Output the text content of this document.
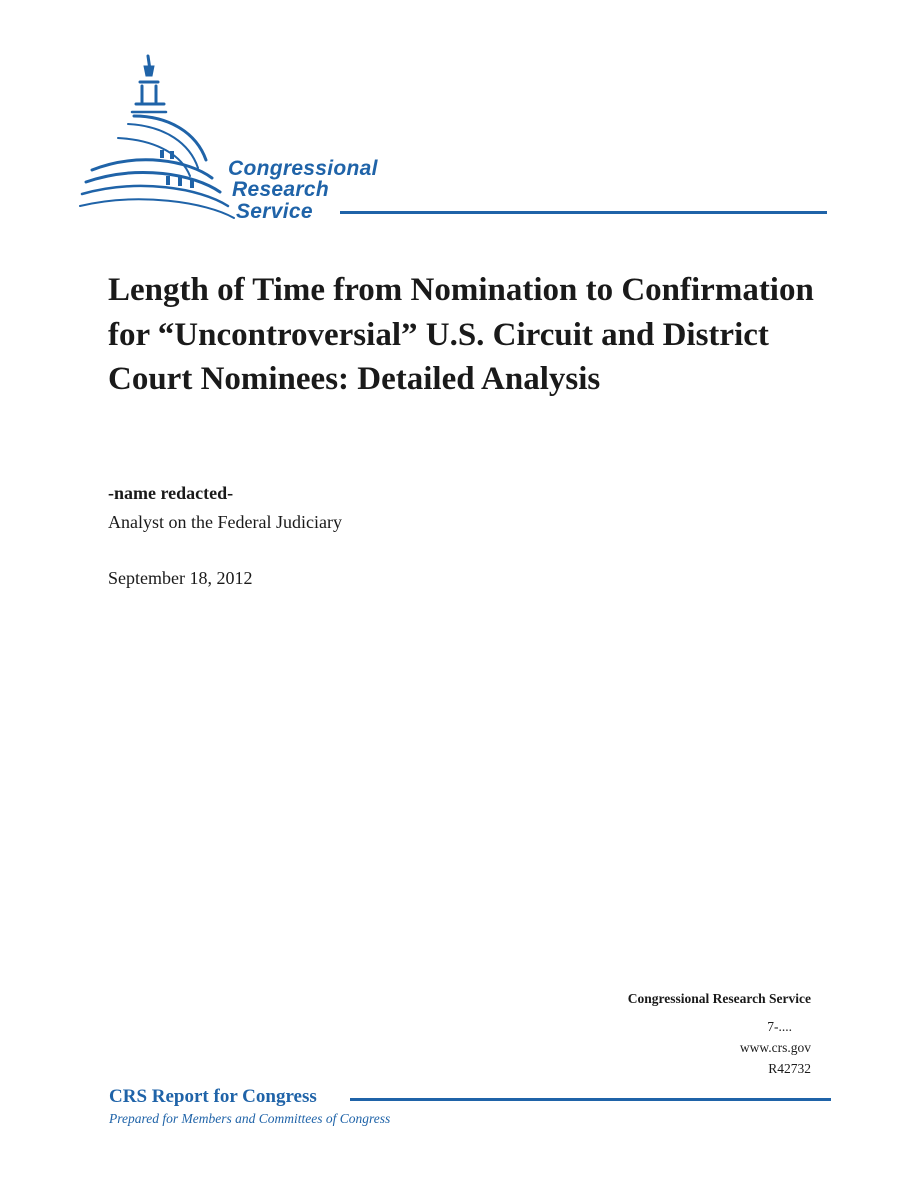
Congressional
Research
Service
Length of Time from Nomination to Confirmation for “Uncontroversial” U.S. Circuit and District Court Nominees: Detailed Analysis
-name redacted-
Analyst on the Federal Judiciary
September 18, 2012
Congressional Research Service
7-....
www.crs.gov
R42732
CRS Report for Congress
Prepared for Members and Committees of Congress
